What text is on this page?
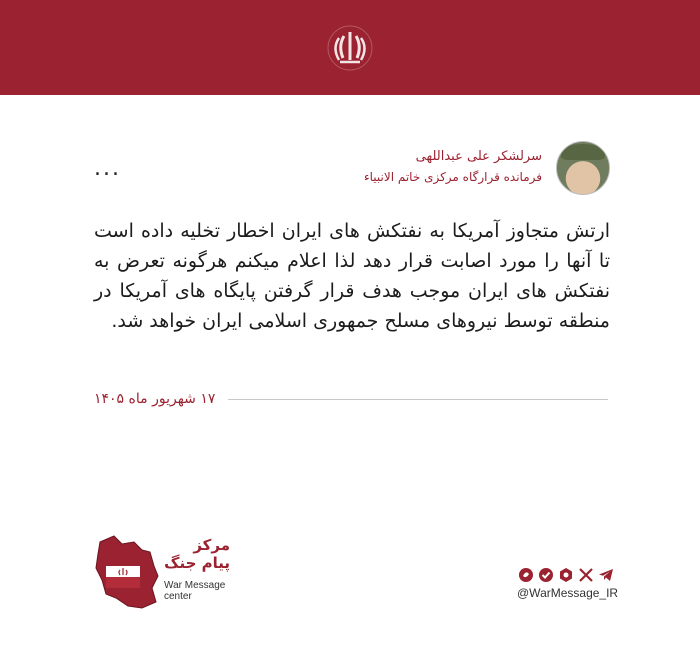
...	سرلشکر علی عبداللهی
فرمانده قرارگاه مرکزی خاتم الانبیاء
ارتش متجاوز آمریکا به نفتکش های ایران اخطار تخلیه داده است تا آنها را مورد اصابت قرار دهد لذا اعلام میکنم هرگونه تعرض به نفتکش های ایران موجب هدف قرار گرفتن پایگاه های آمریکا در منطقه توسط نیروهای مسلح جمهوری اسلامی ایران خواهد شد.
۱۷ شهریور ماه ۱۴۰۵
مرکز
پیام جنگ
War Message
center	@WarMessage_IR
